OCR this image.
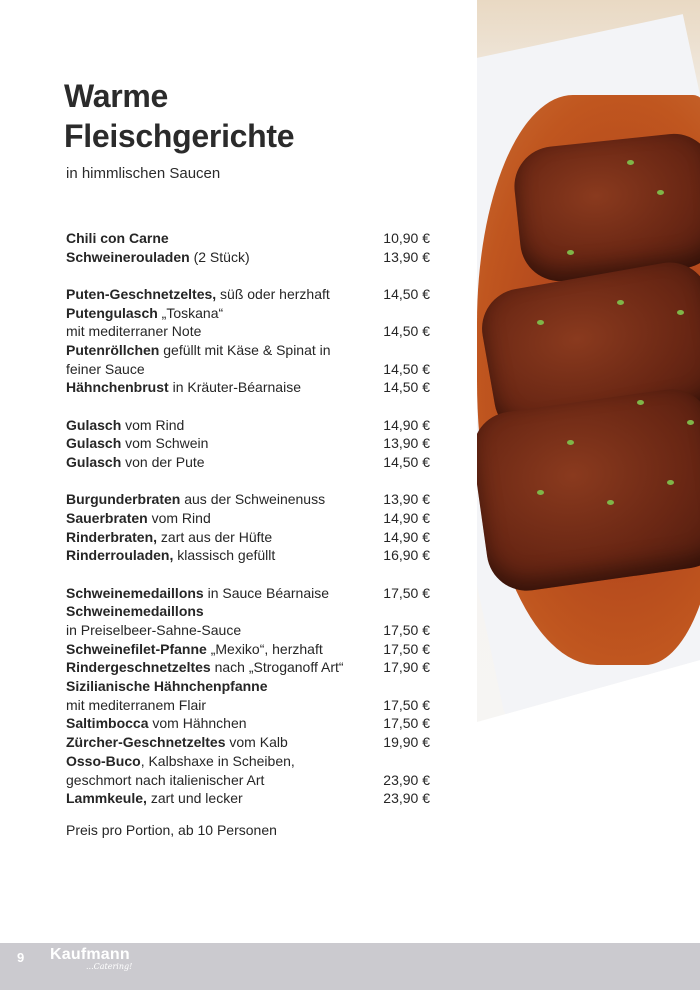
Warme
Fleischgerichte

in himmlischen Saucen

Chili con Carne	10,90 €
Schweinerouladen (2 Stück)	13,90 €
Puten-Geschnetzeltes, süß oder herzhaft	14,50 €
Putengulasch „Toskana“
mit mediterraner Note	14,50 €
Putenröllchen gefüllt mit Käse & Spinat in
feiner Sauce	14,50 €
Hähnchenbrust in Kräuter-Béarnaise	14,50 €
Gulasch vom Rind	14,90 €
Gulasch vom Schwein	13,90 €
Gulasch von der Pute	14,50 €
Burgunderbraten aus der Schweinenuss	13,90 €
Sauerbraten vom Rind	14,90 €
Rinderbraten, zart aus der Hüfte	14,90 €
Rinderrouladen, klassisch gefüllt	16,90 €
Schweinemedaillons in Sauce Béarnaise	17,50 €
Schweinemedaillons
in Preiselbeer-Sahne-Sauce	17,50 €
Schweinefilet-Pfanne „Mexiko“, herzhaft	17,50 €
Rindergeschnetzeltes nach „Stroganoff Art“	17,90 €
Sizilianische Hähnchenpfanne
mit mediterranem Flair	17,50 €
Saltimbocca vom Hähnchen	17,50 €
Zürcher-Geschnetzeltes vom Kalb	19,90 €
Osso-Buco, Kalbshaxe in Scheiben,
geschmort nach italienischer Art	23,90 €
Lammkeule, zart und lecker	23,90 €
Preis pro Portion, ab 10 Personen
9 Kaufmann
...Catering!
